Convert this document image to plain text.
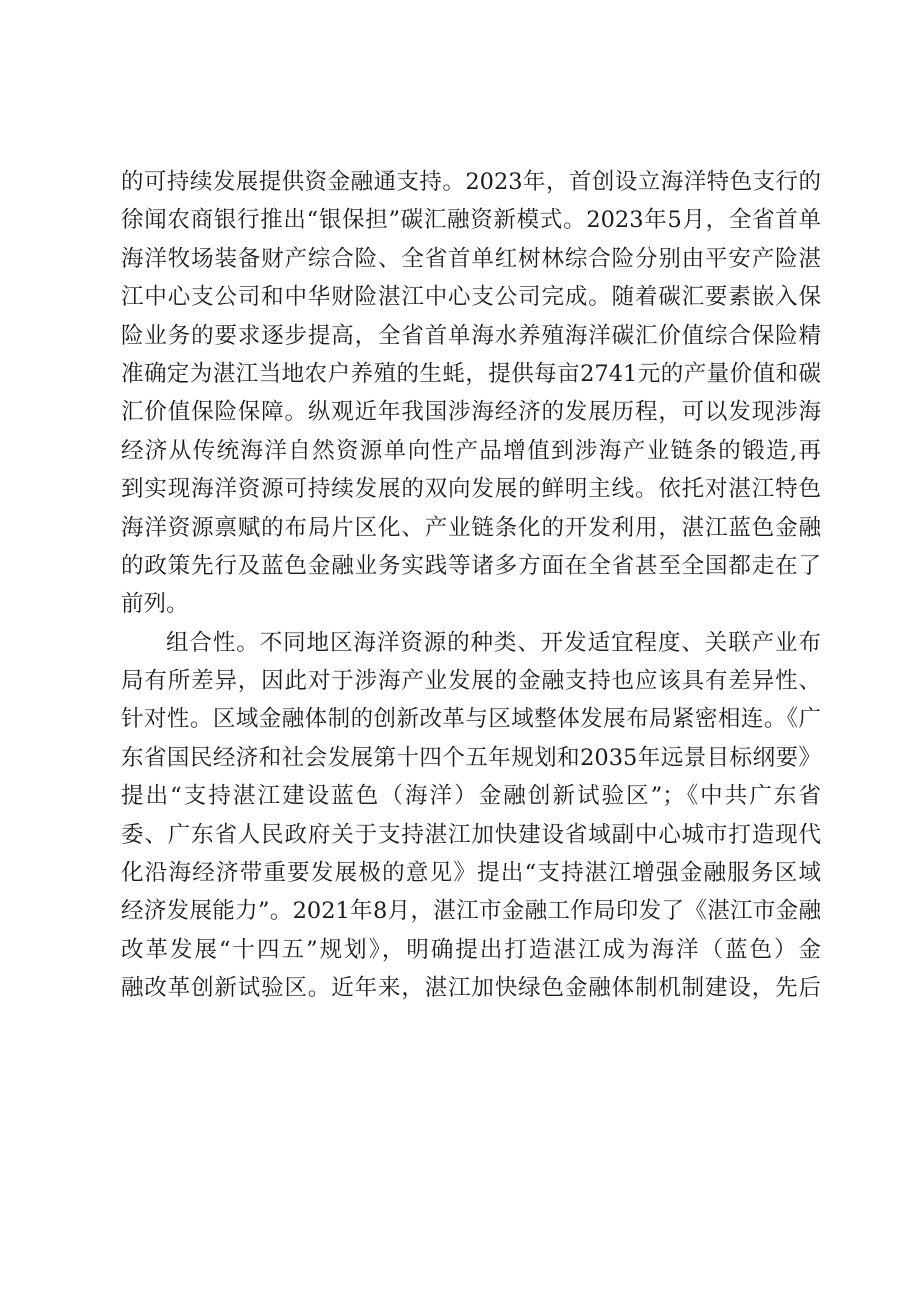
的可持续发展提供资金融通支持。2023年，首创设立海洋特色支行的
徐闻农商银行推出“银保担”碳汇融资新模式。2023年5月，全省首单
海洋牧场装备财产综合险、全省首单红树林综合险分别由平安产险湛
江中心支公司和中华财险湛江中心支公司完成。随着碳汇要素嵌入保
险业务的要求逐步提高，全省首单海水养殖海洋碳汇价值综合保险精
准确定为湛江当地农户养殖的生蚝，提供每亩2741元的产量价值和碳
汇价值保险保障。纵观近年我国涉海经济的发展历程，可以发现涉海
经济从传统海洋自然资源单向性产品增值到涉海产业链条的锻造,再
到实现海洋资源可持续发展的双向发展的鲜明主线。依托对湛江特色
海洋资源禀赋的布局片区化、产业链条化的开发利用，湛江蓝色金融
的政策先行及蓝色金融业务实践等诸多方面在全省甚至全国都走在了
前列。
组合性。不同地区海洋资源的种类、开发适宜程度、关联产业布
局有所差异，因此对于涉海产业发展的金融支持也应该具有差异性、
针对性。区域金融体制的创新改革与区域整体发展布局紧密相连。《广
东省国民经济和社会发展第十四个五年规划和2035年远景目标纲要》
提出“支持湛江建设蓝色（海洋）金融创新试验区”；《中共广东省
委、广东省人民政府关于支持湛江加快建设省域副中心城市打造现代
化沿海经济带重要发展极的意见》提出“支持湛江增强金融服务区域
经济发展能力”。2021年8月，湛江市金融工作局印发了《湛江市金融
改革发展“十四五”规划》，明确提出打造湛江成为海洋（蓝色）金
融改革创新试验区。近年来，湛江加快绿色金融体制机制建设，先后
